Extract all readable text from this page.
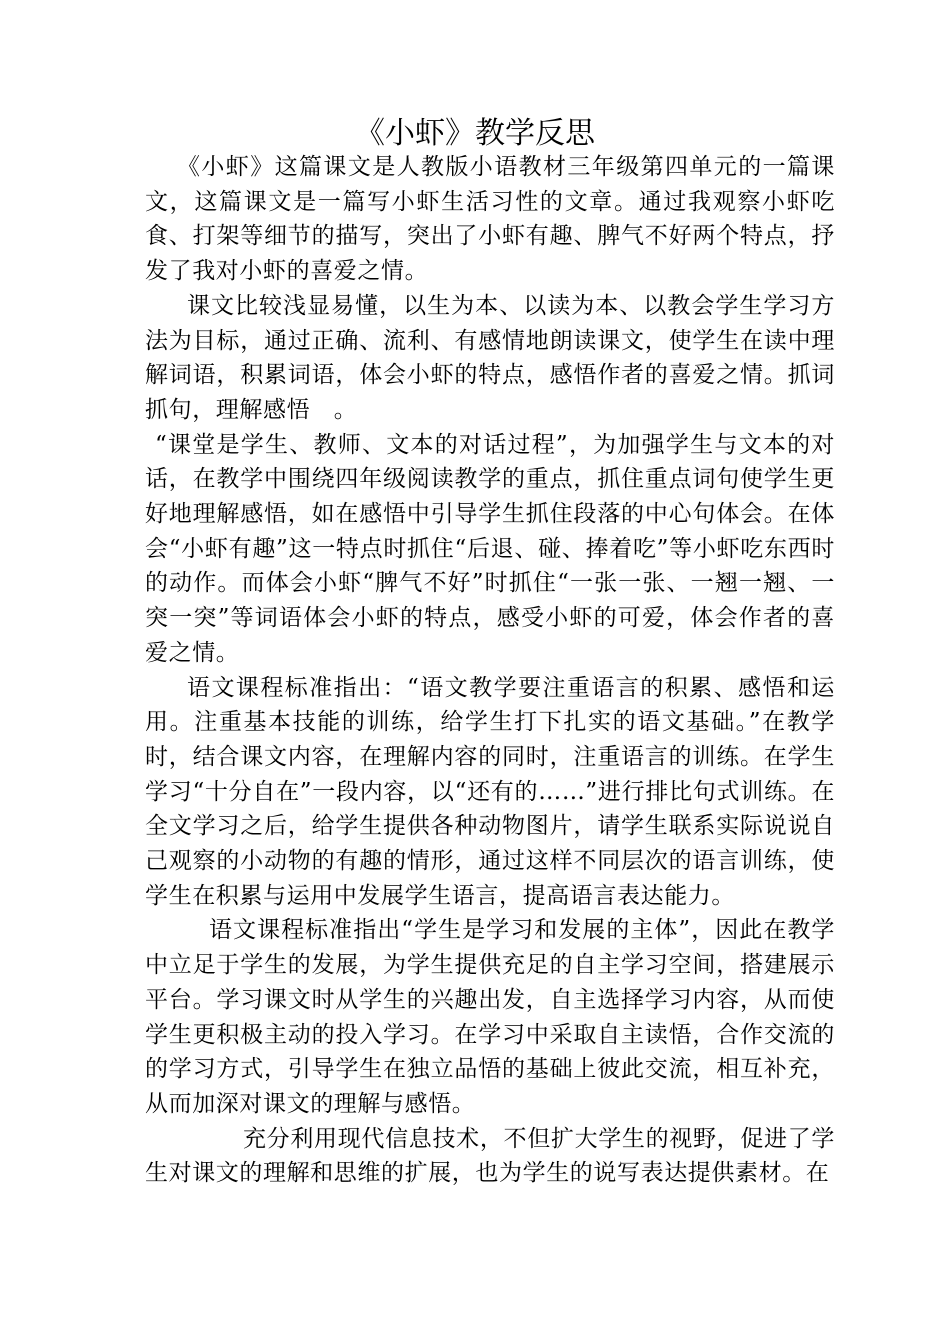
《小虾》教学反思

《小虾》这篇课文是人教版小语教材三年级第四单元的一篇课文，这篇课文是一篇写小虾生活习性的文章。通过我观察小虾吃食、打架等细节的描写，突出了小虾有趣、脾气不好两个特点，抒发了我对小虾的喜爱之情。

课文比较浅显易懂，以生为本、以读为本、以教会学生学习方法为目标，通过正确、流利、有感情地朗读课文，使学生在读中理解词语，积累词语，体会小虾的特点，感悟作者的喜爱之情。抓词抓句，理解感悟　。

“课堂是学生、教师、文本的对话过程”，为加强学生与文本的对话，在教学中围绕四年级阅读教学的重点，抓住重点词句使学生更好地理解感悟，如在感悟中引导学生抓住段落的中心句体会。在体会“小虾有趣”这一特点时抓住“后退、碰、捧着吃”等小虾吃东西时的动作。而体会小虾“脾气不好”时抓住“一张一张、一翘一翘、一突一突”等词语体会小虾的特点，感受小虾的可爱，体会作者的喜爱之情。

语文课程标准指出：“语文教学要注重语言的积累、感悟和运用。注重基本技能的训练，给学生打下扎实的语文基础。”在教学时，结合课文内容，在理解内容的同时，注重语言的训练。在学生学习“十分自在”一段内容，以“还有的……”进行排比句式训练。在全文学习之后，给学生提供各种动物图片，请学生联系实际说说自己观察的小动物的有趣的情形，通过这样不同层次的语言训练，使学生在积累与运用中发展学生语言，提高语言表达能力。

语文课程标准指出“学生是学习和发展的主体”，因此在教学中立足于学生的发展，为学生提供充足的自主学习空间，搭建展示平台。学习课文时从学生的兴趣出发，自主选择学习内容，从而使学生更积极主动的投入学习。在学习中采取自主读悟，合作交流的的学习方式，引导学生在独立品悟的基础上彼此交流，相互补充，从而加深对课文的理解与感悟。

充分利用现代信息技术，不但扩大学生的视野，促进了学生对课文的理解和思维的扩展，也为学生的说写表达提供素材。在
